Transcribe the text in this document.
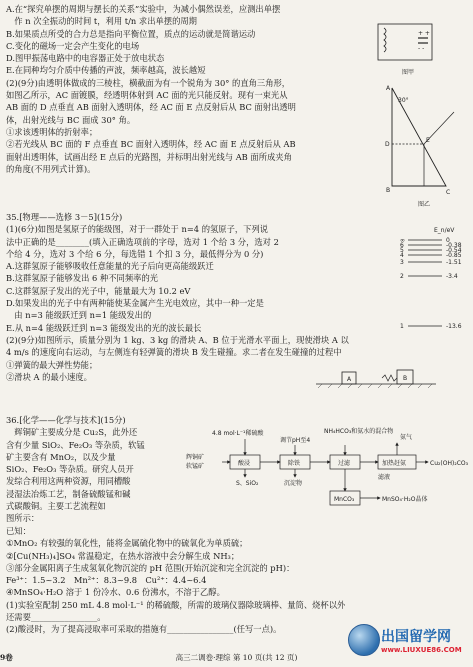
A.在“探究单摆的周期与摆长的关系”实验中，为减小偶然误差，应测出单摆

　作 n 次全振动的时间 t，利用 t/n 求出单摆的周期

B.如果质点所受的合力总是指向平衡位置，质点的运动就是简谐运动

C.变化的磁场一定会产生变化的电场

D.图甲振荡电路中的电容器正处于放电状态

E.在同种均匀介质中传播的声波，频率越高，波长越短

(2)(9分)由透明体做成的三棱柱，横截面为有一个锐角为 30° 的直角三角形，

如图乙所示，AC 面镀膜，经透明体射到 AC 面的光只能反射。现有一束光从

AB 面的 D 点垂直 AB 面射入透明体，经 AC 面 E 点反射后从 BC 面射出透明

体，出射光线与 BC 面成 30° 角。

①求该透明体的折射率；

②若光线从 BC 面的 F 点垂直 BC 面射入透明体，经 AC 面 E 点反射后从 AB

面射出透明体，试画出经 E 点后的光路图，并标明出射光线与 AB 面所成夹角

的角度(不用列式计算)。

+ +
- -
图甲
A
B	C
D
E
30°
图乙

35.[物理——选修 3－5](15分)

(1)(6分)如图是氢原子的能级图，对于一群处于 n=4 的氢原子，下列说

法中正确的是________(填入正确选项前的字母，选对 1 个给 3 分，选对 2

个给 4 分，选对 3 个给 6 分，每选错 1 个扣 3 分，最低得分为 0 分)

A.这群氢原子能够吸收任意能量的光子后向更高能级跃迁

B.这群氢原子能够发出 6 种不同频率的光

C.这群氢原子发出的光子中，能量最大为 10.2 eV

D.如果发出的光子中有两种能使某金属产生光电效应，其中一种一定是

　由 n=3 能级跃迁到 n=1 能级发出的

E.从 n=4 能级跃迁到 n=3 能级发出的光的波长最长

(2)(9分)如图所示，质量分别为 1 kg、3 kg 的滑块 A、B 位于光滑水平面上，现使滑块 A 以

4 m/s 的速度向右运动，与左侧连有轻弹簧的滑块 B 发生碰撞。求二者在发生碰撞的过程中

①弹簧的最大弹性势能；

②滑块 A 的最小速度。

E_n/eV
∞	0
6	-0.38
5	-0.54
4	-0.85
3	-1.51
2	-3.4
1	-13.6
A	B

36.[化学——化学与技术](15分)

　辉铜矿主要成分是 Cu₂S，此外还

含有少量 SiO₂、Fe₂O₃ 等杂质，软锰

矿主要含有 MnO₂，以及少量

SiO₂、Fe₂O₃ 等杂质。研究人员开

发综合利用这两种资源，用同槽酸

浸湿法冶炼工艺，制备硫酸锰和碱

式碳酸铜。主要工艺流程如

图所示：

4.8 mol·L⁻¹稀硫酸
辉铜矿
软锰矿	酸浸	除铁	过滤	加热赶氨
调节pH至4
NH₄HCO₃和氨水的混合物
氨气
S、SiO₂	沉淀物
滤液
MnCO₃
Cu₂(OH)₂CO₃
MnSO₄·H₂O晶体

已知：

①MnO₂ 有较强的氧化性，能将金属硫化物中的硫氧化为单质硫；

②[Cu(NH₃)₄]SO₄ 常温稳定，在热水溶液中会分解生成 NH₃；

③部分金属阳离子生成氢氧化物沉淀的 pH 范围(开始沉淀和完全沉淀的 pH)：

Fe³⁺：1.5~3.2　Mn²⁺：8.3~9.8　Cu²⁺：4.4~6.4

④MnSO₄·H₂O 溶于 1 份冷水、0.6 份沸水，不溶于乙醇。

(1)实验室配制 250 mL 4.8 mol·L⁻¹ 的稀硫酸，所需的玻璃仪器除玻璃棒、量筒、烧杯以外

还需要________________。

(2)酸浸时，为了提高浸取率可采取的措施有________________(任写一点)。

9卷	高三二调卷·理综 第 10 页(共 12 页)
出国留学网
www.LIUXUE86.COM
